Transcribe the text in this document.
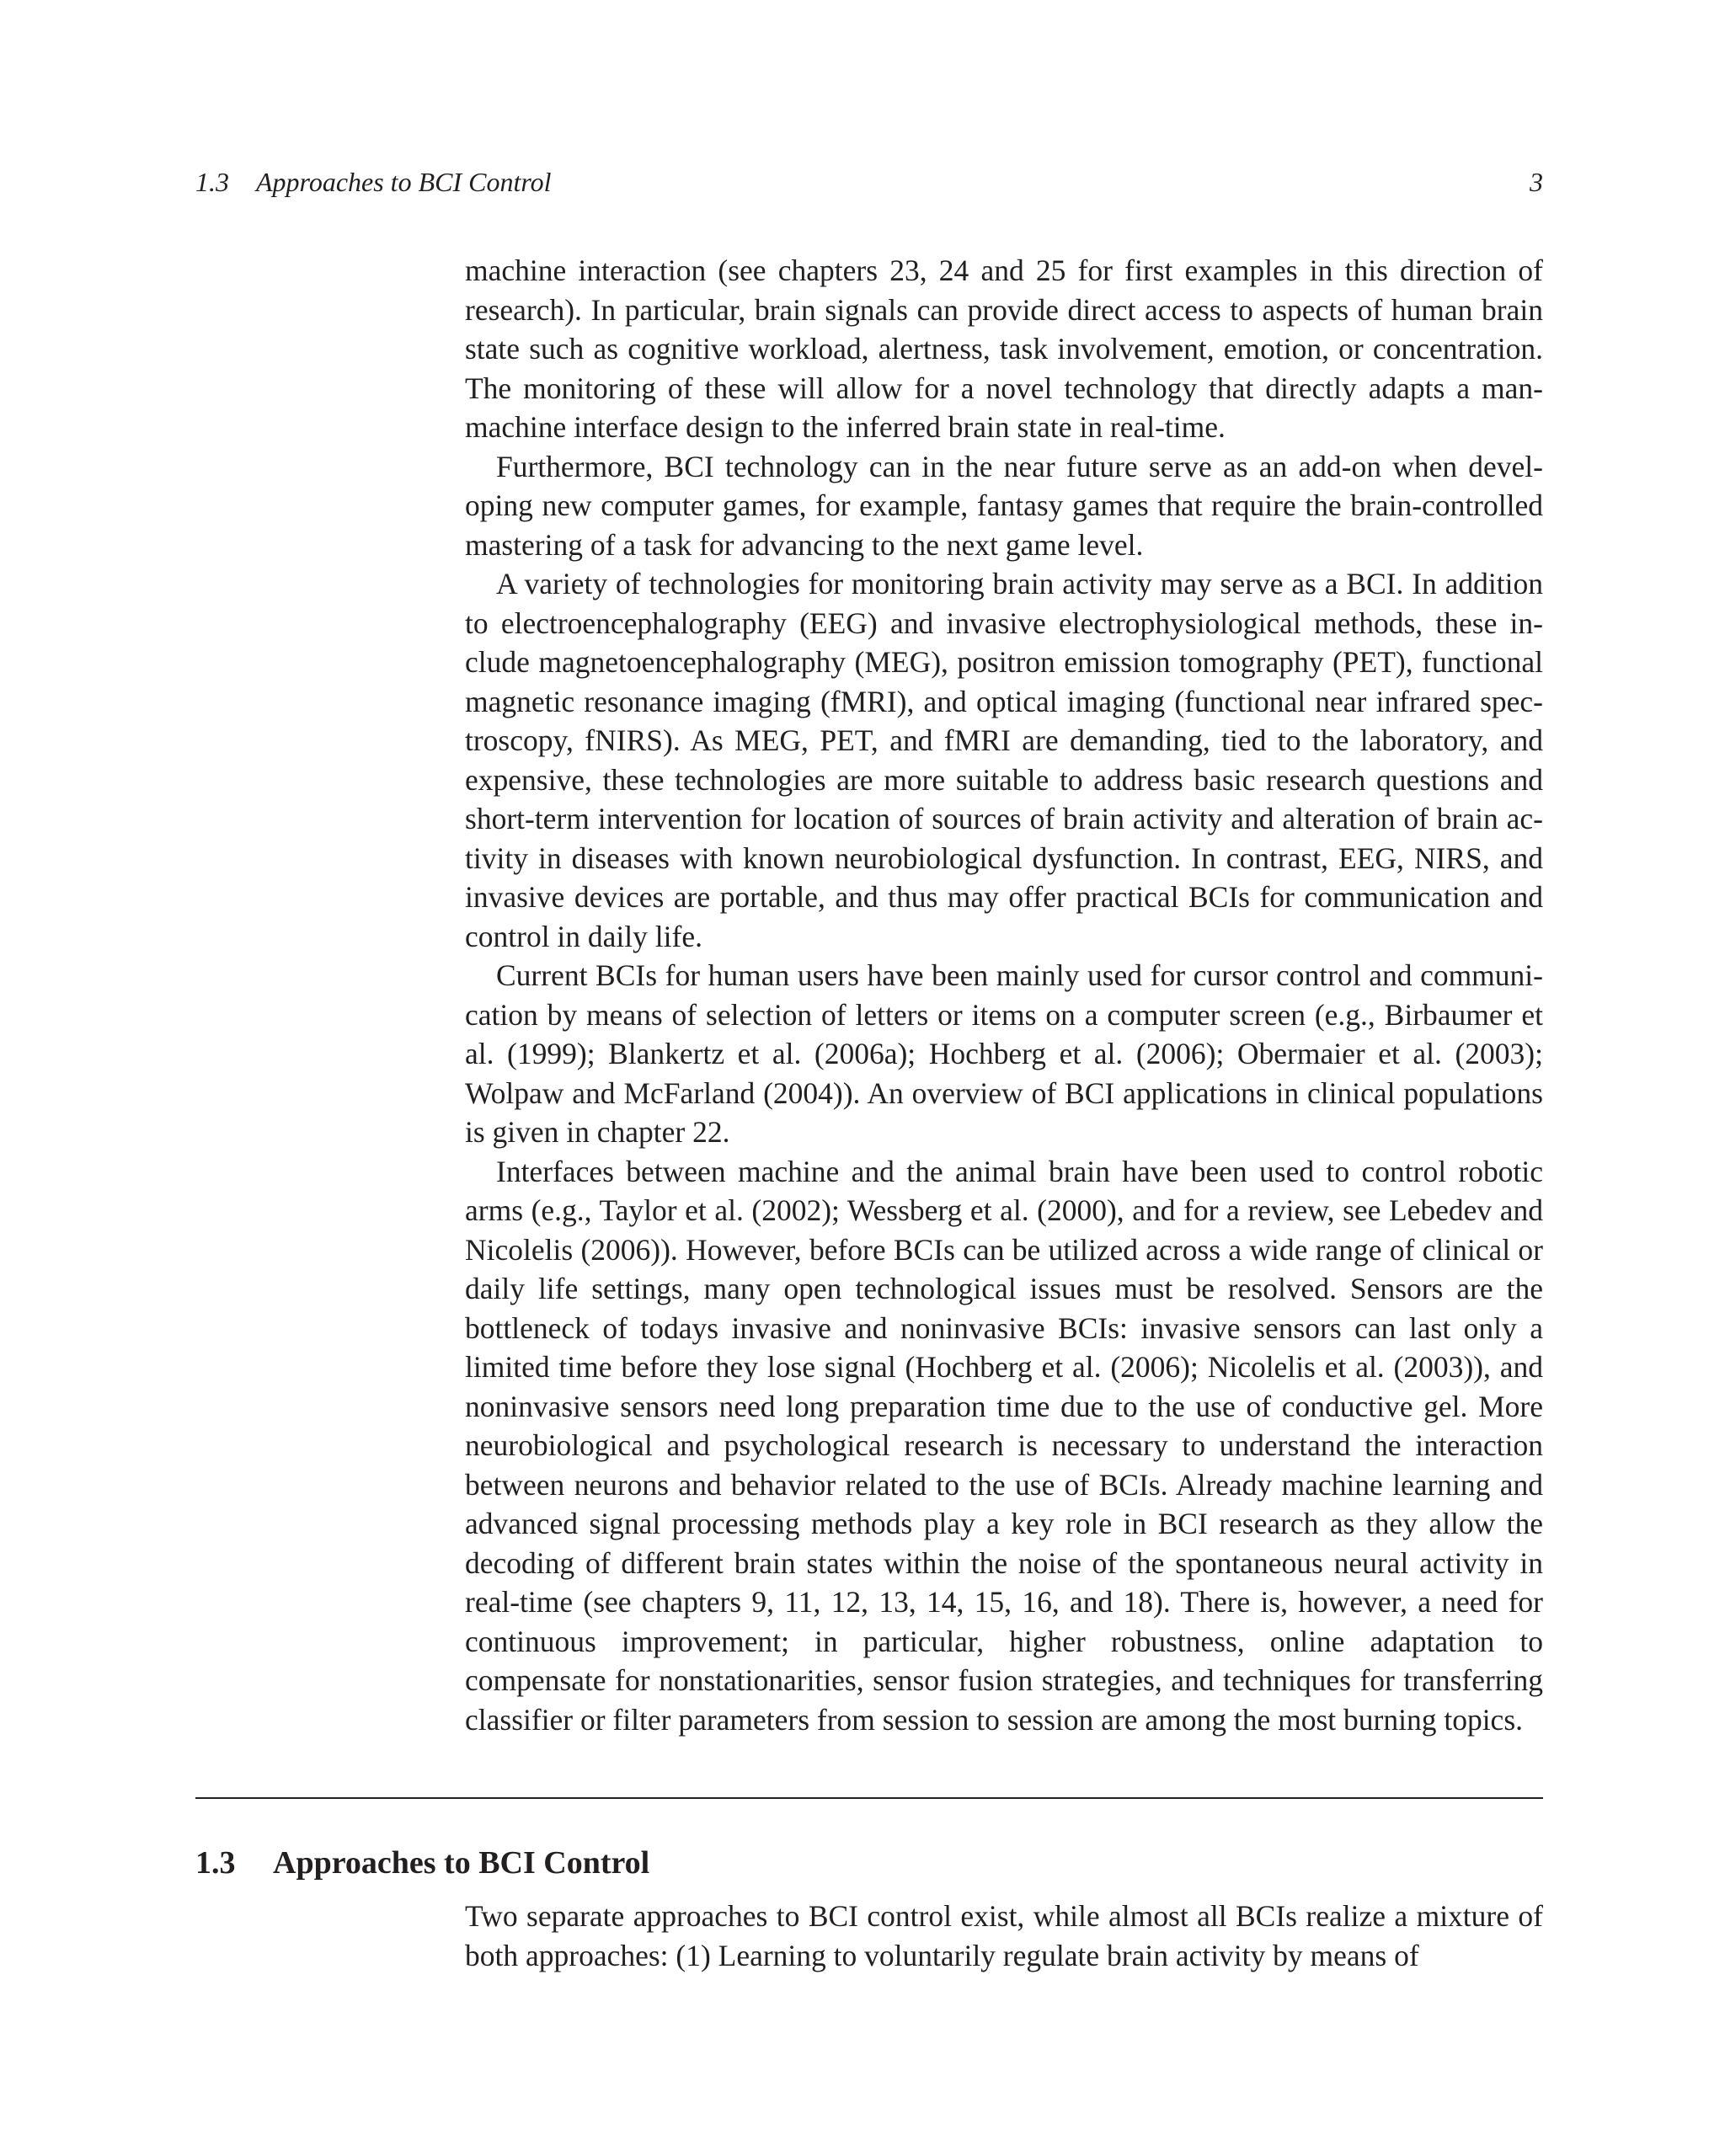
1.3 Approaches to BCI Control	3

machine interaction (see chapters 23, 24 and 25 for first examples in this direction of research). In particular, brain signals can provide direct access to aspects of human brain state such as cognitive workload, alertness, task involvement, emotion, or concentration. The monitoring of these will allow for a novel technology that directly adapts a man-machine interface design to the inferred brain state in real-time.

Furthermore, BCI technology can in the near future serve as an add-on when developing new computer games, for example, fantasy games that require the brain-controlled mastering of a task for advancing to the next game level.

A variety of technologies for monitoring brain activity may serve as a BCI. In addition to electroencephalography (EEG) and invasive electrophysiological methods, these include magnetoencephalography (MEG), positron emission tomography (PET), functional magnetic resonance imaging (fMRI), and optical imaging (functional near infrared spectroscopy, fNIRS). As MEG, PET, and fMRI are demanding, tied to the laboratory, and expensive, these technologies are more suitable to address basic research questions and short-term intervention for location of sources of brain activity and alteration of brain activity in diseases with known neurobiological dysfunction. In contrast, EEG, NIRS, and invasive devices are portable, and thus may offer practical BCIs for communication and control in daily life.

Current BCIs for human users have been mainly used for cursor control and communication by means of selection of letters or items on a computer screen (e.g., Birbaumer et al. (1999); Blankertz et al. (2006a); Hochberg et al. (2006); Obermaier et al. (2003); Wolpaw and McFarland (2004)). An overview of BCI applications in clinical populations is given in chapter 22.

Interfaces between machine and the animal brain have been used to control robotic arms (e.g., Taylor et al. (2002); Wessberg et al. (2000), and for a review, see Lebedev and Nicolelis (2006)). However, before BCIs can be utilized across a wide range of clinical or daily life settings, many open technological issues must be resolved. Sensors are the bottleneck of todays invasive and noninvasive BCIs: invasive sensors can last only a limited time before they lose signal (Hochberg et al. (2006); Nicolelis et al. (2003)), and noninvasive sensors need long preparation time due to the use of conductive gel. More neurobiological and psychological research is necessary to understand the interaction between neurons and behavior related to the use of BCIs. Already machine learning and advanced signal processing methods play a key role in BCI research as they allow the decoding of different brain states within the noise of the spontaneous neural activity in real-time (see chapters 9, 11, 12, 13, 14, 15, 16, and 18). There is, however, a need for continuous improvement; in particular, higher robustness, online adaptation to compensate for nonstationarities, sensor fusion strategies, and techniques for transferring classifier or filter parameters from session to session are among the most burning topics.

1.3 Approaches to BCI Control

Two separate approaches to BCI control exist, while almost all BCIs realize a mixture of both approaches: (1) Learning to voluntarily regulate brain activity by means of
